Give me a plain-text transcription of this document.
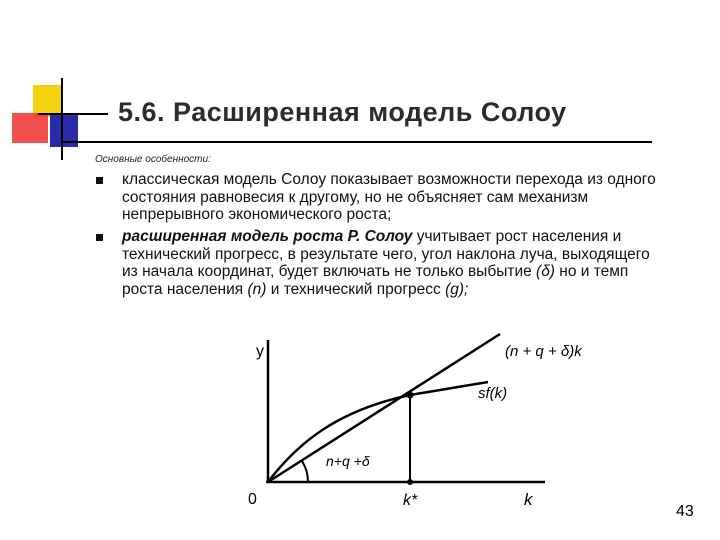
5.6. Расширенная модель Солоу
Основные особенности:
классическая модель Солоу показывает возможности перехода из одного состояния равновесия к другому, но не объясняет сам механизм непрерывного экономического роста;
расширенная модель роста Р. Солоу учитывает рост населения и технический прогресс, в результате чего, угол наклона луча, выходящего из начала координат, будет включать не только выбытие (δ) но и темп роста населения (n) и технический прогресс (g);
y
0	k
k*
(n + q + δ)k
sf(k)
n+q +δ
43
